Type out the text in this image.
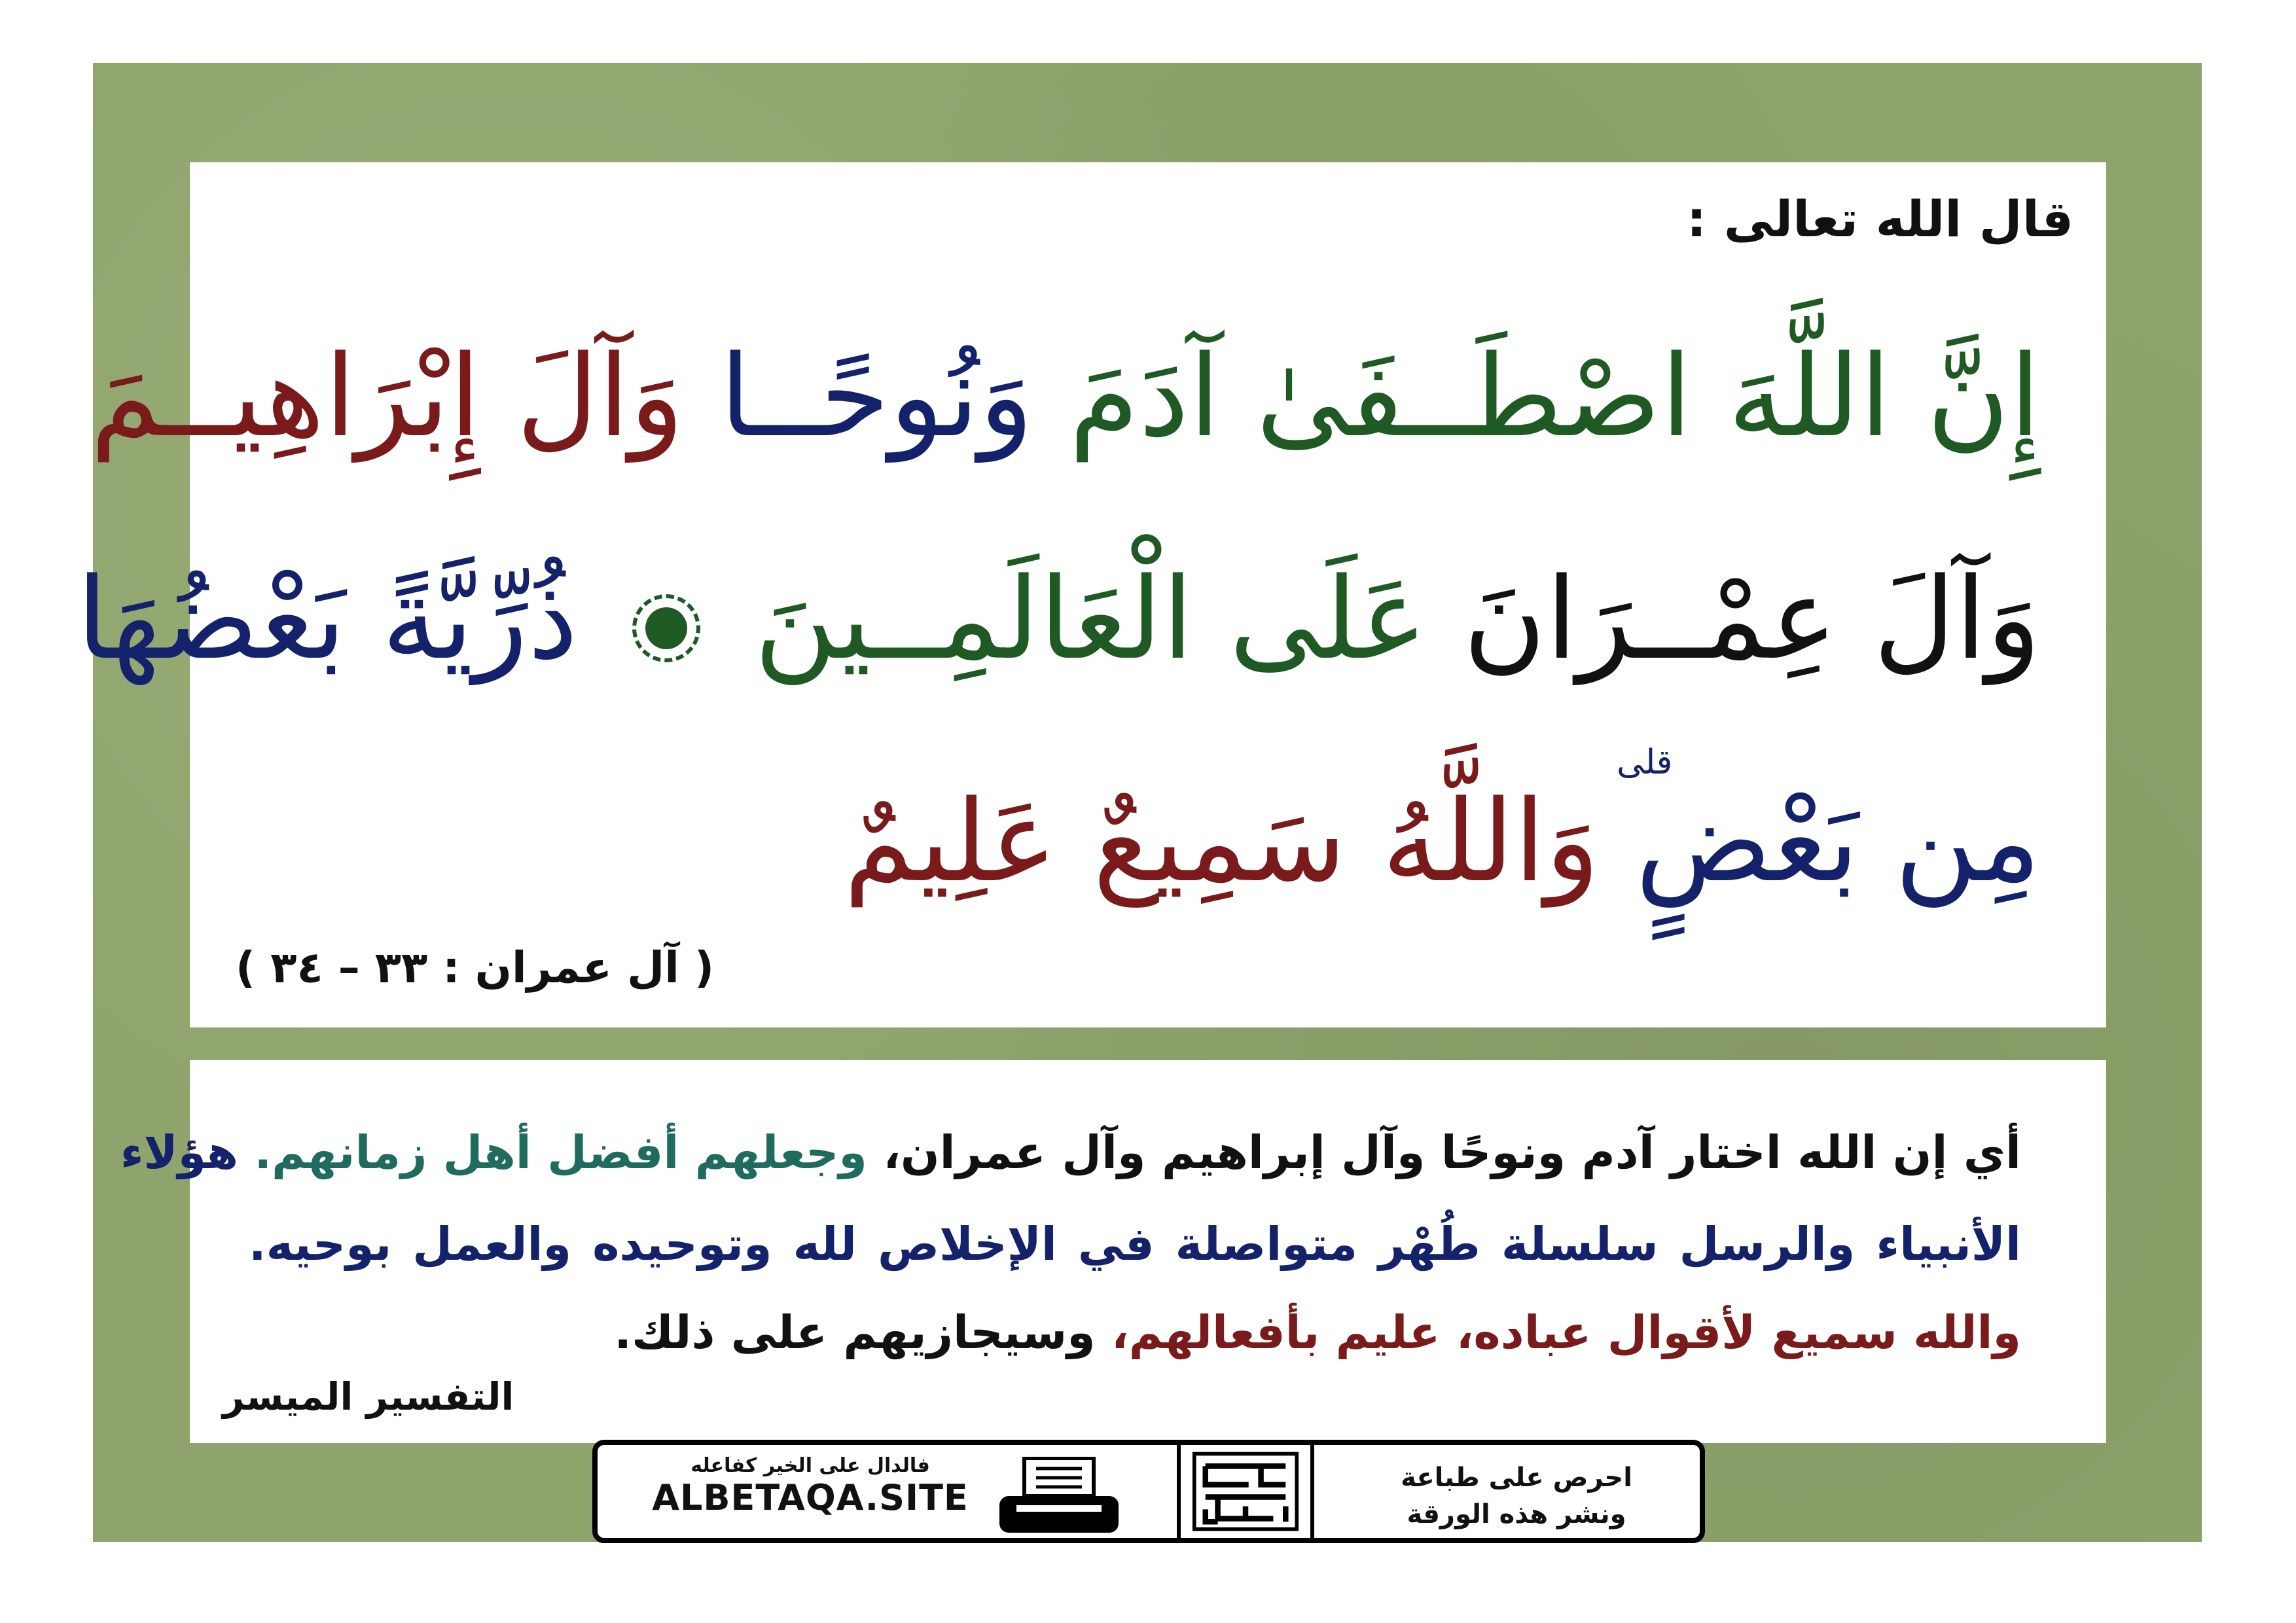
قال الله تعالى :
إِنَّ اللَّهَ اصْطَــفَىٰ آدَمَ وَنُوحًــا وَآلَ إِبْرَاهِيــمَ
وَآلَ عِمْــرَانَ عَلَى الْعَالَمِــينَ  ذُرِّيَّةً بَعْضُهَا
قلى
مِن بَعْضٍ وَاللَّهُ سَمِيعٌ عَلِيمٌ
( آل عمران : ٣٣ – ٣٤ )
أي إن الله اختار آدم ونوحًا وآل إبراهيم وآل عمران، وجعلهم أفضل أهل زمانهم. هؤلاء
الأنبياء والرسل سلسلة طُهْر متواصلة في الإخلاص لله وتوحيده والعمل بوحيه.
والله سميع لأقوال عباده، عليم بأفعالهم، وسيجازيهم على ذلك.
التفسير الميسر
فالدال على الخير كفاعله
ALBETAQA.SITE	احرص على طباعة
ونشر هذه الورقة
